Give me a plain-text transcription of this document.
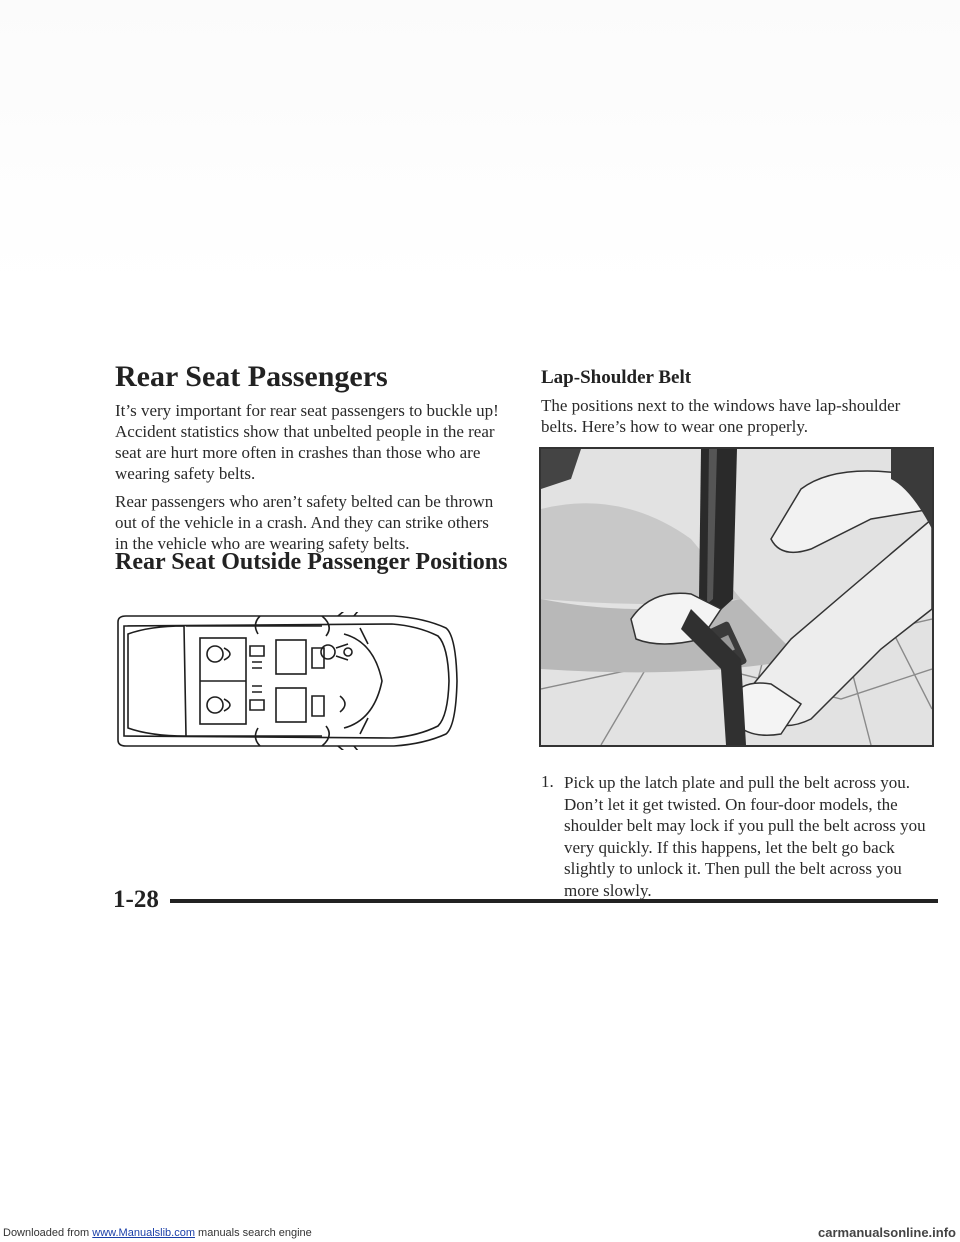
Rear Seat Passengers

It’s very important for rear seat passengers to buckle up!
Accident statistics show that unbelted people in the rear
seat are hurt more often in crashes than those who are
wearing safety belts.

Rear passengers who aren’t safety belted can be thrown
out of the vehicle in a crash. And they can strike others
in the vehicle who are wearing safety belts.

Rear Seat Outside Passenger Positions
Lap-Shoulder Belt

The positions next to the windows have lap-shoulder
belts. Here’s how to wear one properly.

1. Pick up the latch plate and pull the belt across you.
Don’t let it get twisted. On four-door models, the
shoulder belt may lock if you pull the belt across you
very quickly. If this happens, let the belt go back
slightly to unlock it. Then pull the belt across you
more slowly.

1-28
Downloaded from www.Manualslib.com manuals search engine	carmanualsonline.info
